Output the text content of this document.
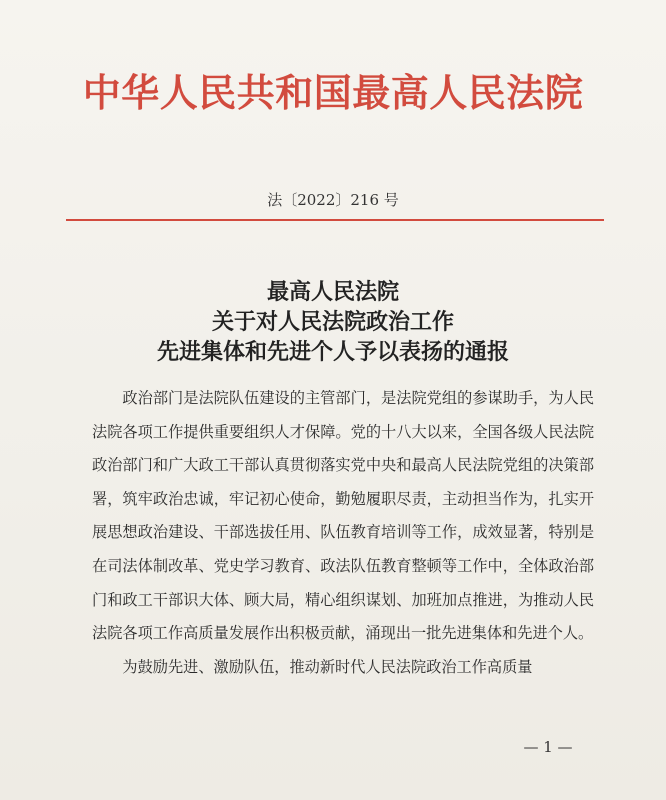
中华人民共和国最高人民法院
法〔2022〕216 号
最高人民法院
关于对人民法院政治工作
先进集体和先进个人予以表扬的通报

政治部门是法院队伍建设的主管部门，是法院党组的参谋助手，为人民法院各项工作提供重要组织人才保障。党的十八大以来，全国各级人民法院政治部门和广大政工干部认真贯彻落实党中央和最高人民法院党组的决策部署，筑牢政治忠诚，牢记初心使命，勤勉履职尽责，主动担当作为，扎实开展思想政治建设、干部选拔任用、队伍教育培训等工作，成效显著，特别是在司法体制改革、党史学习教育、政法队伍教育整顿等工作中，全体政治部门和政工干部识大体、顾大局，精心组织谋划、加班加点推进，为推动人民法院各项工作高质量发展作出积极贡献，涌现出一批先进集体和先进个人。

为鼓励先进、激励队伍，推动新时代人民法院政治工作高质量

— 1 —
